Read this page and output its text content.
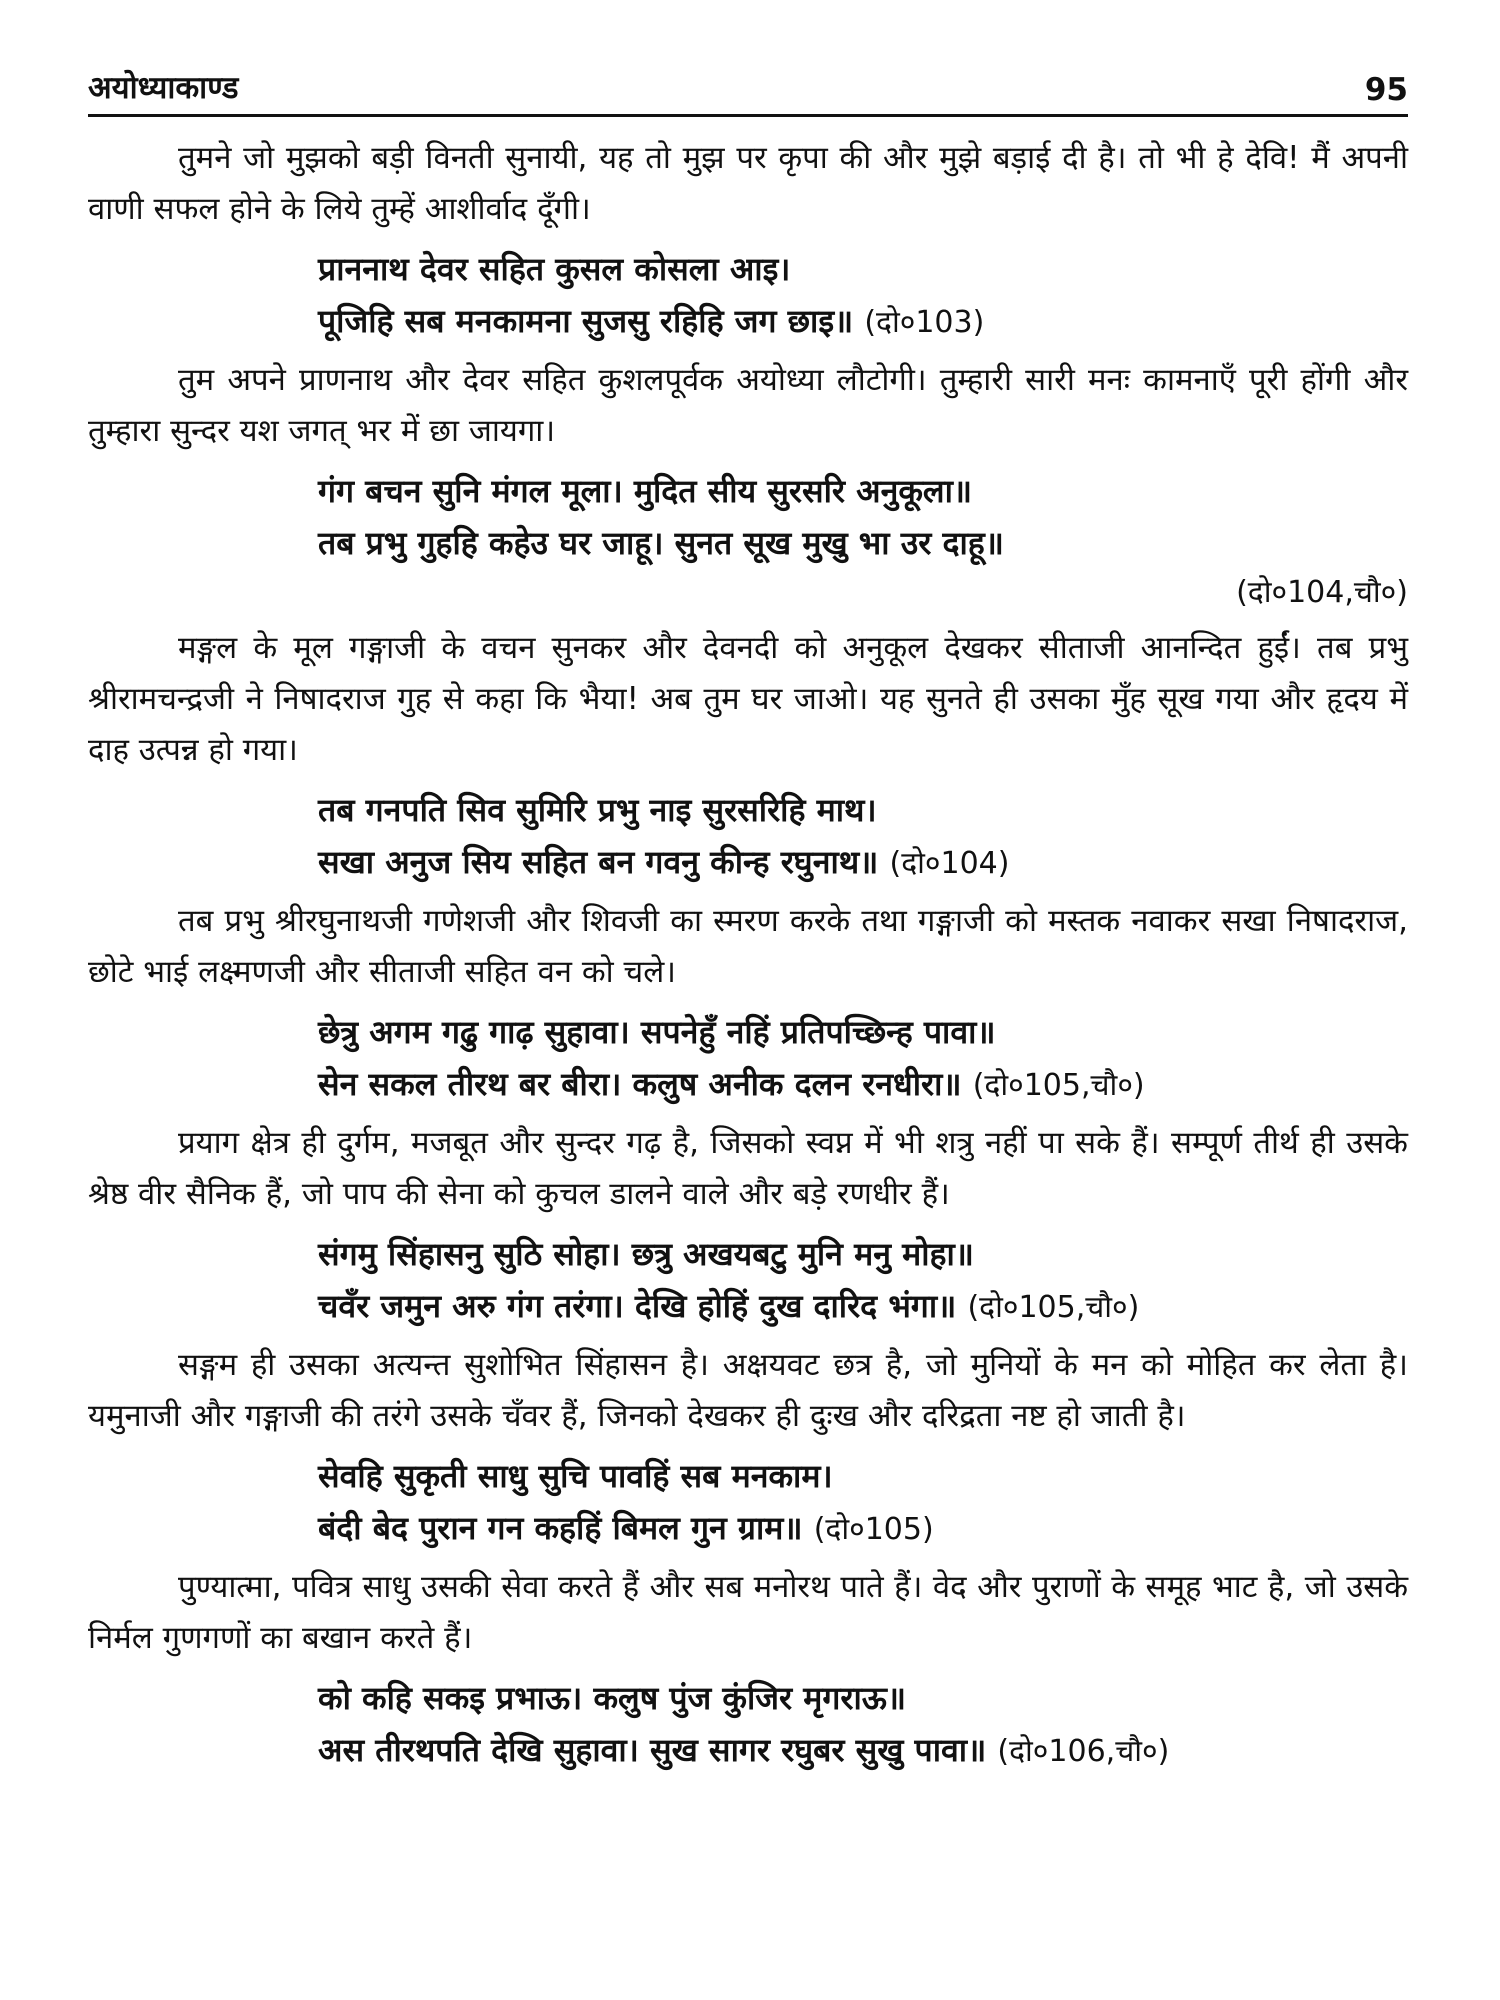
अयोध्याकाण्ड	95

तुमने जो मुझको बड़ी विनती सुनायी, यह तो मुझ पर कृपा की और मुझे बड़ाई दी है। तो भी हे देवि! मैं अपनी वाणी सफल होने के लिये तुम्हें आशीर्वाद दूँगी।

प्राननाथ देवर सहित कुसल कोसला आइ।
पूजिहि सब मनकामना सुजसु रहिहि जग छाइ॥ (दो०103)

तुम अपने प्राणनाथ और देवर सहित कुशलपूर्वक अयोध्या लौटोगी। तुम्हारी सारी मनः कामनाएँ पूरी होंगी और तुम्हारा सुन्दर यश जगत् भर में छा जायगा।

गंग बचन सुनि मंगल मूला। मुदित सीय सुरसरि अनुकूला॥
तब प्रभु गुहहि कहेउ घर जाहू। सुनत सूख मुखु भा उर दाहू॥
(दो०104,चौ०)

मङ्गल के मूल गङ्गाजी के वचन सुनकर और देवनदी को अनुकूल देखकर सीताजी आनन्दित हुईं। तब प्रभु श्रीरामचन्द्रजी ने निषादराज गुह से कहा कि भैया! अब तुम घर जाओ। यह सुनते ही उसका मुँह सूख गया और हृदय में दाह उत्पन्न हो गया।

तब गनपति सिव सुमिरि प्रभु नाइ सुरसरिहि माथ।
सखा अनुज सिय सहित बन गवनु कीन्ह रघुनाथ॥ (दो०104)

तब प्रभु श्रीरघुनाथजी गणेशजी और शिवजी का स्मरण करके तथा गङ्गाजी को मस्तक नवाकर सखा निषादराज, छोटे भाई लक्ष्मणजी और सीताजी सहित वन को चले।

छेत्रु अगम गढु गाढ़ सुहावा। सपनेहुँ नहिं प्रतिपच्छिन्ह पावा॥
सेन सकल तीरथ बर बीरा। कलुष अनीक दलन रनधीरा॥ (दो०105,चौ०)

प्रयाग क्षेत्र ही दुर्गम, मजबूत और सुन्दर गढ़ है, जिसको स्वप्न में भी शत्रु नहीं पा सके हैं। सम्पूर्ण तीर्थ ही उसके श्रेष्ठ वीर सैनिक हैं, जो पाप की सेना को कुचल डालने वाले और बड़े रणधीर हैं।

संगमु सिंहासनु सुठि सोहा। छत्रु अखयबटु मुनि मनु मोहा॥
चवँर जमुन अरु गंग तरंगा। देखि होहिं दुख दारिद भंगा॥ (दो०105,चौ०)

सङ्गम ही उसका अत्यन्त सुशोभित सिंहासन है। अक्षयवट छत्र है, जो मुनियों के मन को मोहित कर लेता है। यमुनाजी और गङ्गाजी की तरंगे उसके चँवर हैं, जिनको देखकर ही दुःख और दरिद्रता नष्ट हो जाती है।

सेवहि सुकृती साधु सुचि पावहिं सब मनकाम।
बंदी बेद पुरान गन कहहिं बिमल गुन ग्राम॥ (दो०105)

पुण्यात्मा, पवित्र साधु उसकी सेवा करते हैं और सब मनोरथ पाते हैं। वेद और पुराणों के समूह भाट है, जो उसके निर्मल गुणगणों का बखान करते हैं।

को कहि सकइ प्रभाऊ। कलुष पुंज कुंजिर मृगराऊ॥
अस तीरथपति देखि सुहावा। सुख सागर रघुबर सुखु पावा॥ (दो०106,चौ०)
